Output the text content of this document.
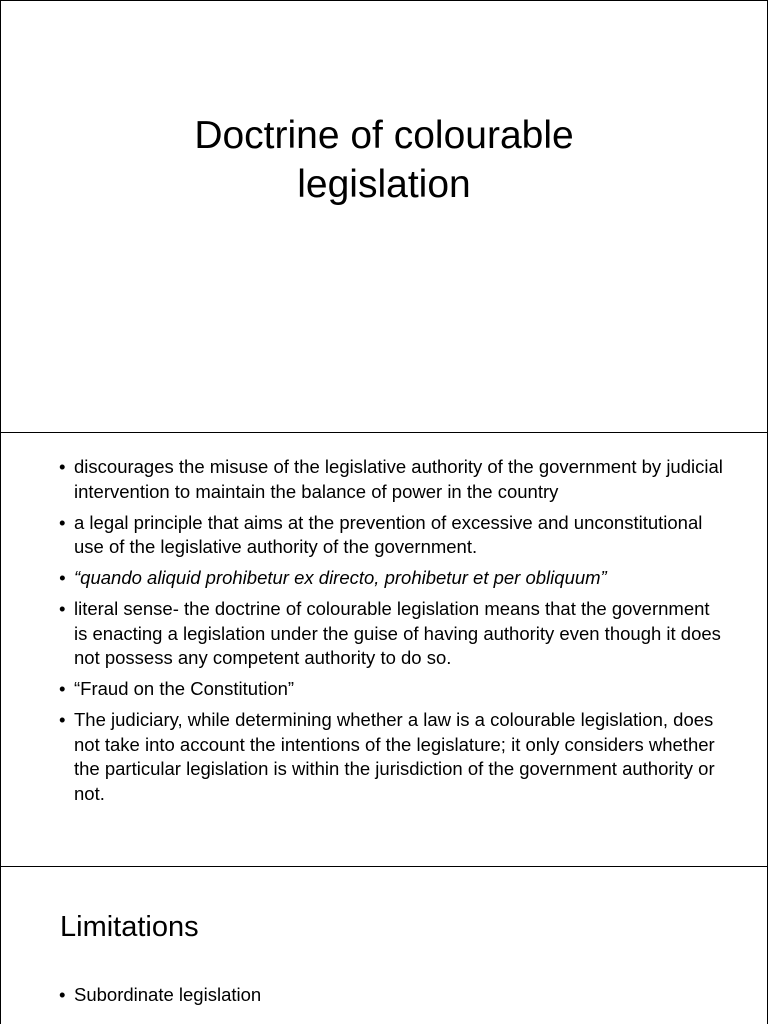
Doctrine of colourable
legislation
• discourages the misuse of the legislative authority of the government by judicial intervention to maintain the balance of power in the country
• a legal principle that aims at the prevention of excessive and unconstitutional use of the legislative authority of the government.
• “quando aliquid prohibetur ex directo, prohibetur et per obliquum”
• literal sense- the doctrine of colourable legislation means that the government is enacting a legislation under the guise of having authority even though it does not possess any competent authority to do so.
• “Fraud on the Constitution”
• The judiciary, while determining whether a law is a colourable legislation, does not take into account the intentions of the legislature; it only considers whether the particular legislation is within the jurisdiction of the government authority or not.
Limitations
• Subordinate legislation
